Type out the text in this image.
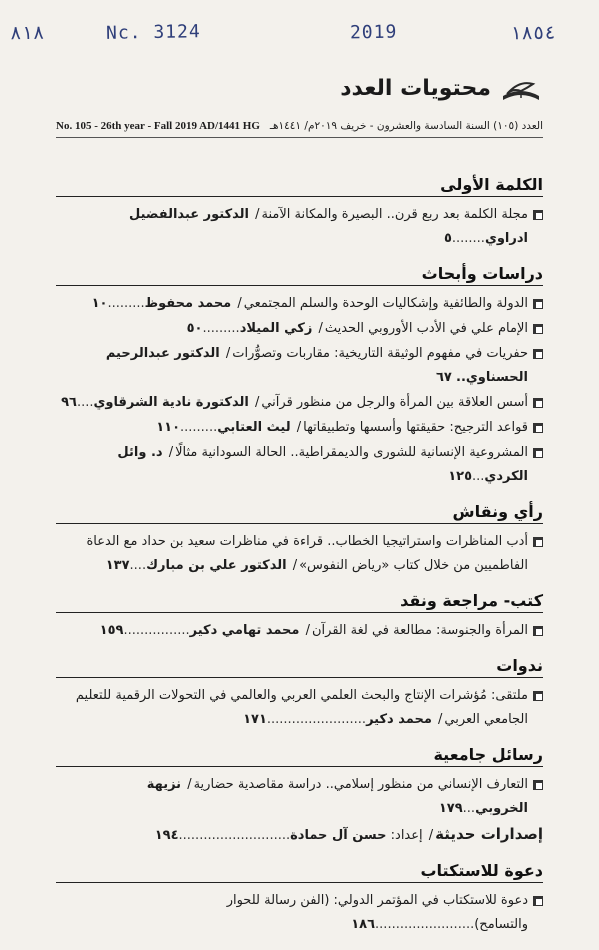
٨١٨	Nc. 3124	2019	١٨٥٤
محتويات العدد
No. 105 - 26th year - Fall 2019 AD/1441 HG العدد (١٠٥) السنة السادسة والعشرون - خريف ٢٠١٩م/ ١٤٤١هـ
الكلمة الأولى
مجلة الكلمة بعد ربع قرن.. البصيرة والمكانة الآمنة/ الدكتور عبدالفضيل ادراوي........٥
دراسات وأبحاث
الدولة والطائفية وإشكاليات الوحدة والسلم المجتمعي/ محمد محفوظ.........١٠
الإمام علي في الأدب الأوروبي الحديث/ زكي الميلاد.........٥٠
حفريات في مفهوم الوثيقة التاريخية: مقاربات وتصوُّرات/ الدكتور عبدالرحيم الحسناوي.. ٦٧
أسس العلاقة بين المرأة والرجل من منظور قرآني/ الدكتورة نادية الشرقاوي....٩٦
قواعد الترجيح: حقيقتها وأسسها وتطبيقاتها/ ليث العتابي.........١١٠
المشروعية الإنسانية للشورى والديمقراطية.. الحالة السودانية مثالًا/ د. وائل الكردي...١٢٥
رأي ونقاش
أدب المناظرات واستراتيجيا الخطاب.. قراءة في مناظرات سعيد بن حداد مع الدعاة الفاطميين من خلال كتاب «رياض النفوس»/ الدكتور علي بن مبارك....١٣٧
كتب- مراجعة ونقد
المرأة والجنوسة: مطالعة في لغة القرآن/ محمد تهامي دكير................١٥٩
ندوات
ملتقى: مُؤشرات الإنتاج والبحث العلمي العربي والعالمي في التحولات الرقمية للتعليم الجامعي العربي/ محمد دكير........................١٧١
رسائل جامعية
التعارف الإنساني من منظور إسلامي.. دراسة مقاصدية حضارية/ نزيهة الخروبي...١٧٩
إصدارات حديثة/ إعداد: حسن آل حمادة...........................١٩٤
دعوة للاستكتاب
دعوة للاستكتاب في المؤتمر الدولي: (الفن رسالة للحوار والتسامح)........................١٨٦
